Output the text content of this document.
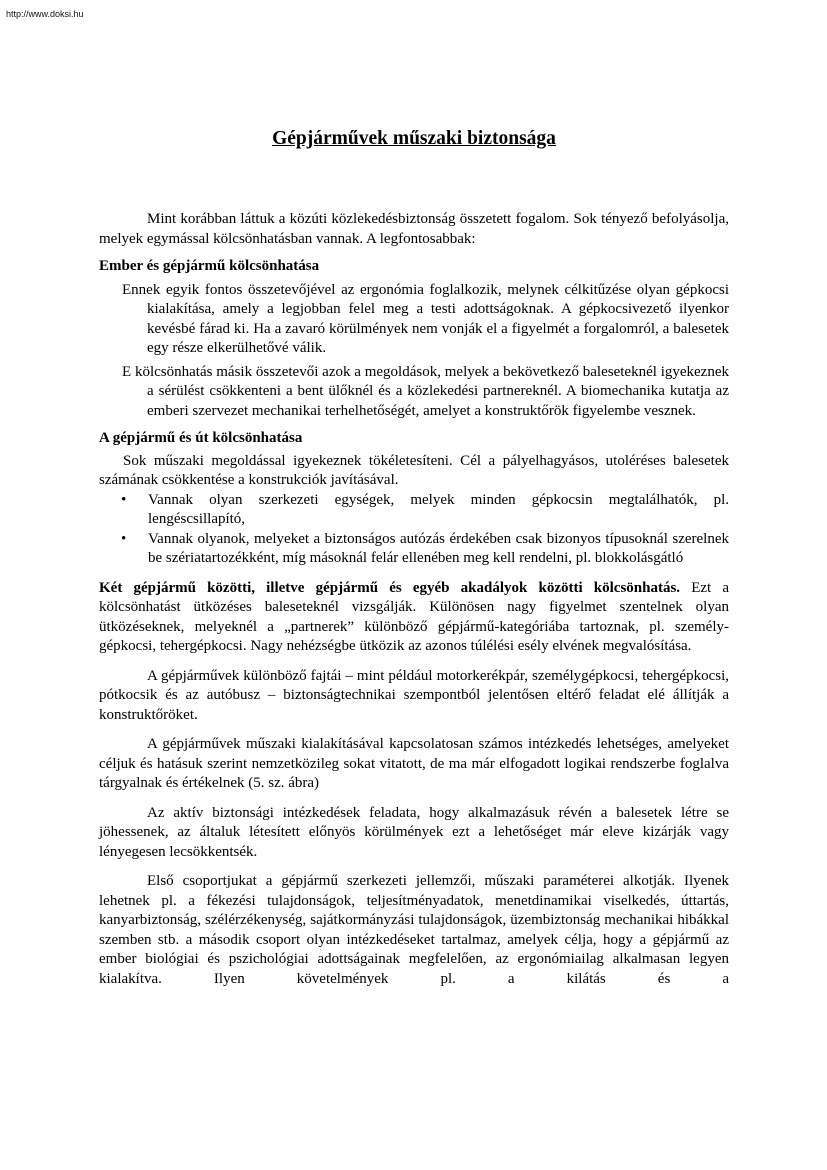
http://www.doksi.hu
Gépjárművek műszaki biztonsága

Mint korábban láttuk a közúti közlekedésbiztonság összetett fogalom. Sok tényező befolyásolja, melyek egymással kölcsönhatásban vannak. A legfontosabbak:

Ember és gépjármű kölcsönhatása

Ennek egyik fontos összetevőjével az ergonómia foglalkozik, melynek célkitűzése olyan gépkocsi kialakítása, amely a legjobban felel meg a testi adottságoknak. A gépkocsivezető ilyenkor kevésbé fárad ki. Ha a zavaró körülmények nem vonják el a figyelmét a forgalomról, a balesetek egy része elkerülhetővé válik.

E kölcsönhatás másik összetevői azok a megoldások, melyek a bekövetkező baleseteknél igyekeznek a sérülést csökkenteni a bent ülőknél és a közlekedési partnereknél. A biomechanika kutatja az emberi szervezet mechanikai terhelhetőségét, amelyet a konstruktőrök figyelembe vesznek.

A gépjármű és út kölcsönhatása

Sok műszaki megoldással igyekeznek tökéletesíteni. Cél a pályelhagyásos, utoléréses balesetek számának csökkentése a konstrukciók javításával.

• Vannak olyan szerkezeti egységek, melyek minden gépkocsin megtalálhatók, pl. lengéscsillapító,
• Vannak olyanok, melyeket a biztonságos autózás érdekében csak bizonyos típusoknál szerelnek be szériatartozékként, míg másoknál felár ellenében meg kell rendelni, pl. blokkolásgátló

Két gépjármű közötti, illetve gépjármű és egyéb akadályok közötti kölcsönhatás. Ezt a kölcsönhatást ütközéses baleseteknél vizsgálják. Különösen nagy figyelmet szentelnek olyan ütközéseknek, melyeknél a „partnerek” különböző gépjármű-kategóriába tartoznak, pl. személy-gépkocsi, tehergépkocsi. Nagy nehézségbe ütközik az azonos túlélési esély elvének megvalósítása.

A gépjárművek különböző fajtái – mint például motorkerékpár, személygépkocsi, tehergépkocsi, pótkocsik és az autóbusz – biztonságtechnikai szempontból jelentősen eltérő feladat elé állítják a konstruktőröket.

A gépjárművek műszaki kialakításával kapcsolatosan számos intézkedés lehetséges, amelyeket céljuk és hatásuk szerint nemzetközileg sokat vitatott, de ma már elfogadott logikai rendszerbe foglalva tárgyalnak és értékelnek (5. sz. ábra)

Az aktív biztonsági intézkedések feladata, hogy alkalmazásuk révén a balesetek létre se jöhessenek, az általuk létesített előnyös körülmények ezt a lehetőséget már eleve kizárják vagy lényegesen lecsökkentsék.

Első csoportjukat a gépjármű szerkezeti jellemzői, műszaki paraméterei alkotják. Ilyenek lehetnek pl. a fékezési tulajdonságok, teljesítményadatok, menetdinamikai viselkedés, úttartás, kanyarbiztonság, szélérzékenység, sajátkormányzási tulajdonságok, üzembiztonság mechanikai hibákkal szemben stb. a második csoport olyan intézkedéseket tartalmaz, amelyek célja, hogy a gépjármű az ember biológiai és pszichológiai adottságainak megfelelően, az ergonómiailag alkalmasan legyen kialakítva. Ilyen követelmények pl. a kilátás és a
